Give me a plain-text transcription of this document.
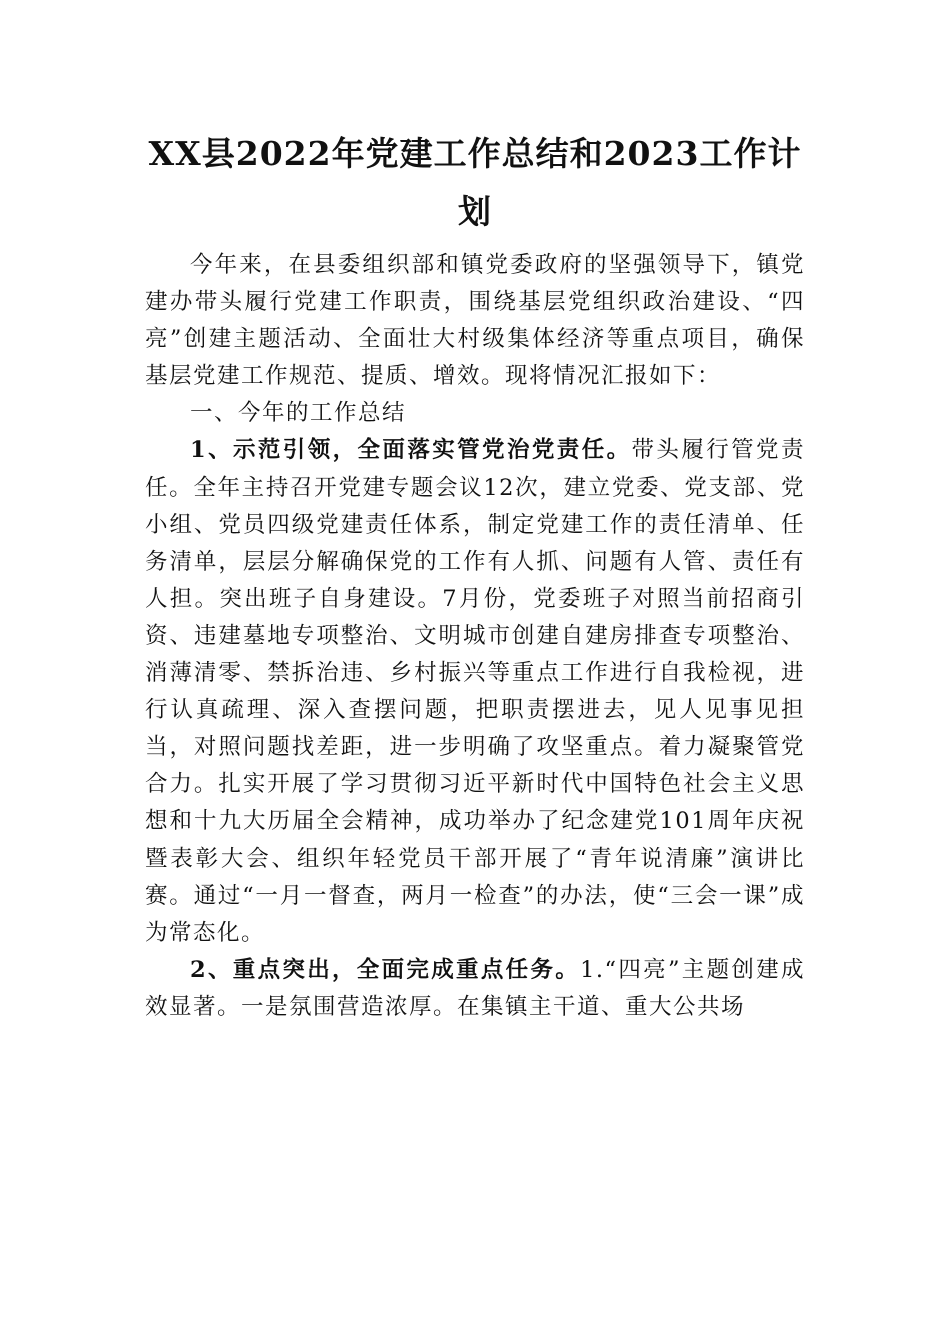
XX县2022年党建工作总结和2023工作计划

今年来，在县委组织部和镇党委政府的坚强领导下，镇党建办带头履行党建工作职责，围绕基层党组织政治建设、“四亮”创建主题活动、全面壮大村级集体经济等重点项目，确保基层党建工作规范、提质、增效。现将情况汇报如下：

一、今年的工作总结

1、示范引领，全面落实管党治党责任。带头履行管党责任。全年主持召开党建专题会议12次，建立党委、党支部、党小组、党员四级党建责任体系，制定党建工作的责任清单、任务清单，层层分解确保党的工作有人抓、问题有人管、责任有人担。突出班子自身建设。7月份，党委班子对照当前招商引资、违建墓地专项整治、文明城市创建自建房排查专项整治、消薄清零、禁拆治违、乡村振兴等重点工作进行自我检视，进行认真疏理、深入查摆问题，把职责摆进去，见人见事见担当，对照问题找差距，进一步明确了攻坚重点。着力凝聚管党合力。扎实开展了学习贯彻习近平新时代中国特色社会主义思想和十九大历届全会精神，成功举办了纪念建党101周年庆祝暨表彰大会、组织年轻党员干部开展了“青年说清廉”演讲比赛。通过“一月一督查，两月一检查”的办法，使“三会一课”成为常态化。

2、重点突出，全面完成重点任务。1.“四亮”主题创建成效显著。一是氛围营造浓厚。在集镇主干道、重大公共场
